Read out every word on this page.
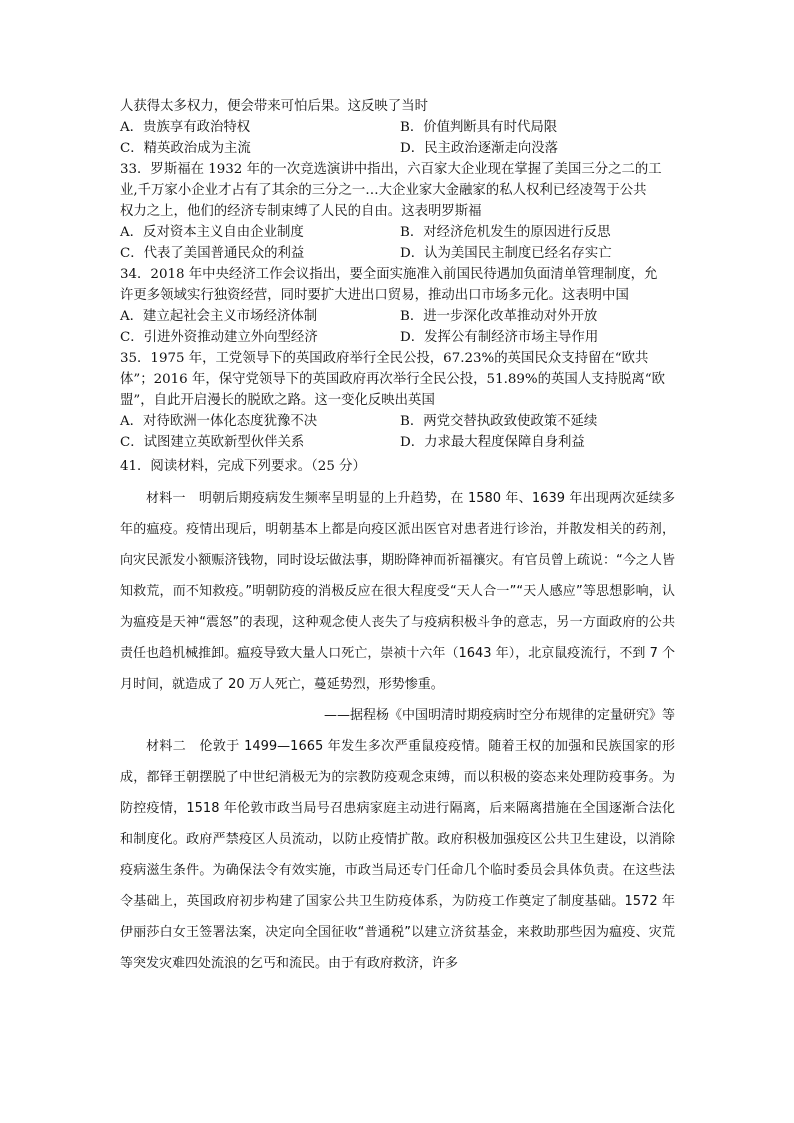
人获得太多权力，便会带来可怕后果。这反映了当时
A．贵族享有政治特权	B．价值判断具有时代局限
C．精英政治成为主流	D．民主政治逐渐走向没落
33．罗斯福在 1932 年的一次竞选演讲中指出，六百家大企业现在掌握了美国三分之二的工
业,千万家小企业才占有了其余的三分之一…大企业家大金融家的私人权利已经凌驾于公共
权力之上，他们的经济专制束缚了人民的自由。这表明罗斯福
A．反对资本主义自由企业制度	B．对经济危机发生的原因进行反思
C．代表了美国普通民众的利益	D．认为美国民主制度已经名存实亡
34．2018 年中央经济工作会议指出，要全面实施准入前国民待遇加负面清单管理制度，允
许更多领域实行独资经营，同时要扩大进出口贸易，推动出口市场多元化。这表明中国
A．建立起社会主义市场经济体制	B．进一步深化改革推动对外开放
C．引进外资推动建立外向型经济	D．发挥公有制经济市场主导作用
35．1975 年，工党领导下的英国政府举行全民公投，67.23%的英国民众支持留在“欧共
体”；2016 年，保守党领导下的英国政府再次举行全民公投，51.89%的英国人支持脱离“欧
盟”，自此开启漫长的脱欧之路。这一变化反映出英国
A．对待欧洲一体化态度犹豫不决	B．两党交替执政致使政策不延续
C．试图建立英欧新型伙伴关系	D．力求最大程度保障自身利益
41．阅读材料，完成下列要求。（25 分）

材料一　明朝后期疫病发生频率呈明显的上升趋势，在 1580 年、1639 年出现两次延续多年的瘟疫。疫情出现后，明朝基本上都是向疫区派出医官对患者进行诊治，并散发相关的药剂，向灾民派发小额赈济钱物，同时设坛做法事，期盼降神而祈福禳灾。有官员曾上疏说：“今之人皆知救荒，而不知救疫。”明朝防疫的消极反应在很大程度受“天人合一”“天人感应”等思想影响，认为瘟疫是天神“震怒”的表现，这种观念使人丧失了与疫病积极斗争的意志，另一方面政府的公共责任也趋机械推卸。瘟疫导致大量人口死亡，崇祯十六年（1643 年），北京鼠疫流行，不到 7 个月时间，就造成了 20 万人死亡，蔓延势烈，形势惨重。

——据程杨《中国明清时期疫病时空分布规律的定量研究》等

材料二　伦敦于 1499—1665 年发生多次严重鼠疫疫情。随着王权的加强和民族国家的形成，都铎王朝摆脱了中世纪消极无为的宗教防疫观念束缚，而以积极的姿态来处理防疫事务。为防控疫情，1518 年伦敦市政当局号召患病家庭主动进行隔离，后来隔离措施在全国逐渐合法化和制度化。政府严禁疫区人员流动，以防止疫情扩散。政府积极加强疫区公共卫生建设，以消除疫病滋生条件。为确保法令有效实施，市政当局还专门任命几个临时委员会具体负责。在这些法令基础上，英国政府初步构建了国家公共卫生防疫体系，为防疫工作奠定了制度基础。1572 年伊丽莎白女王签署法案，决定向全国征收“普通税”以建立济贫基金，来救助那些因为瘟疫、灾荒等突发灾难四处流浪的乞丐和流民。由于有政府救济，许多
